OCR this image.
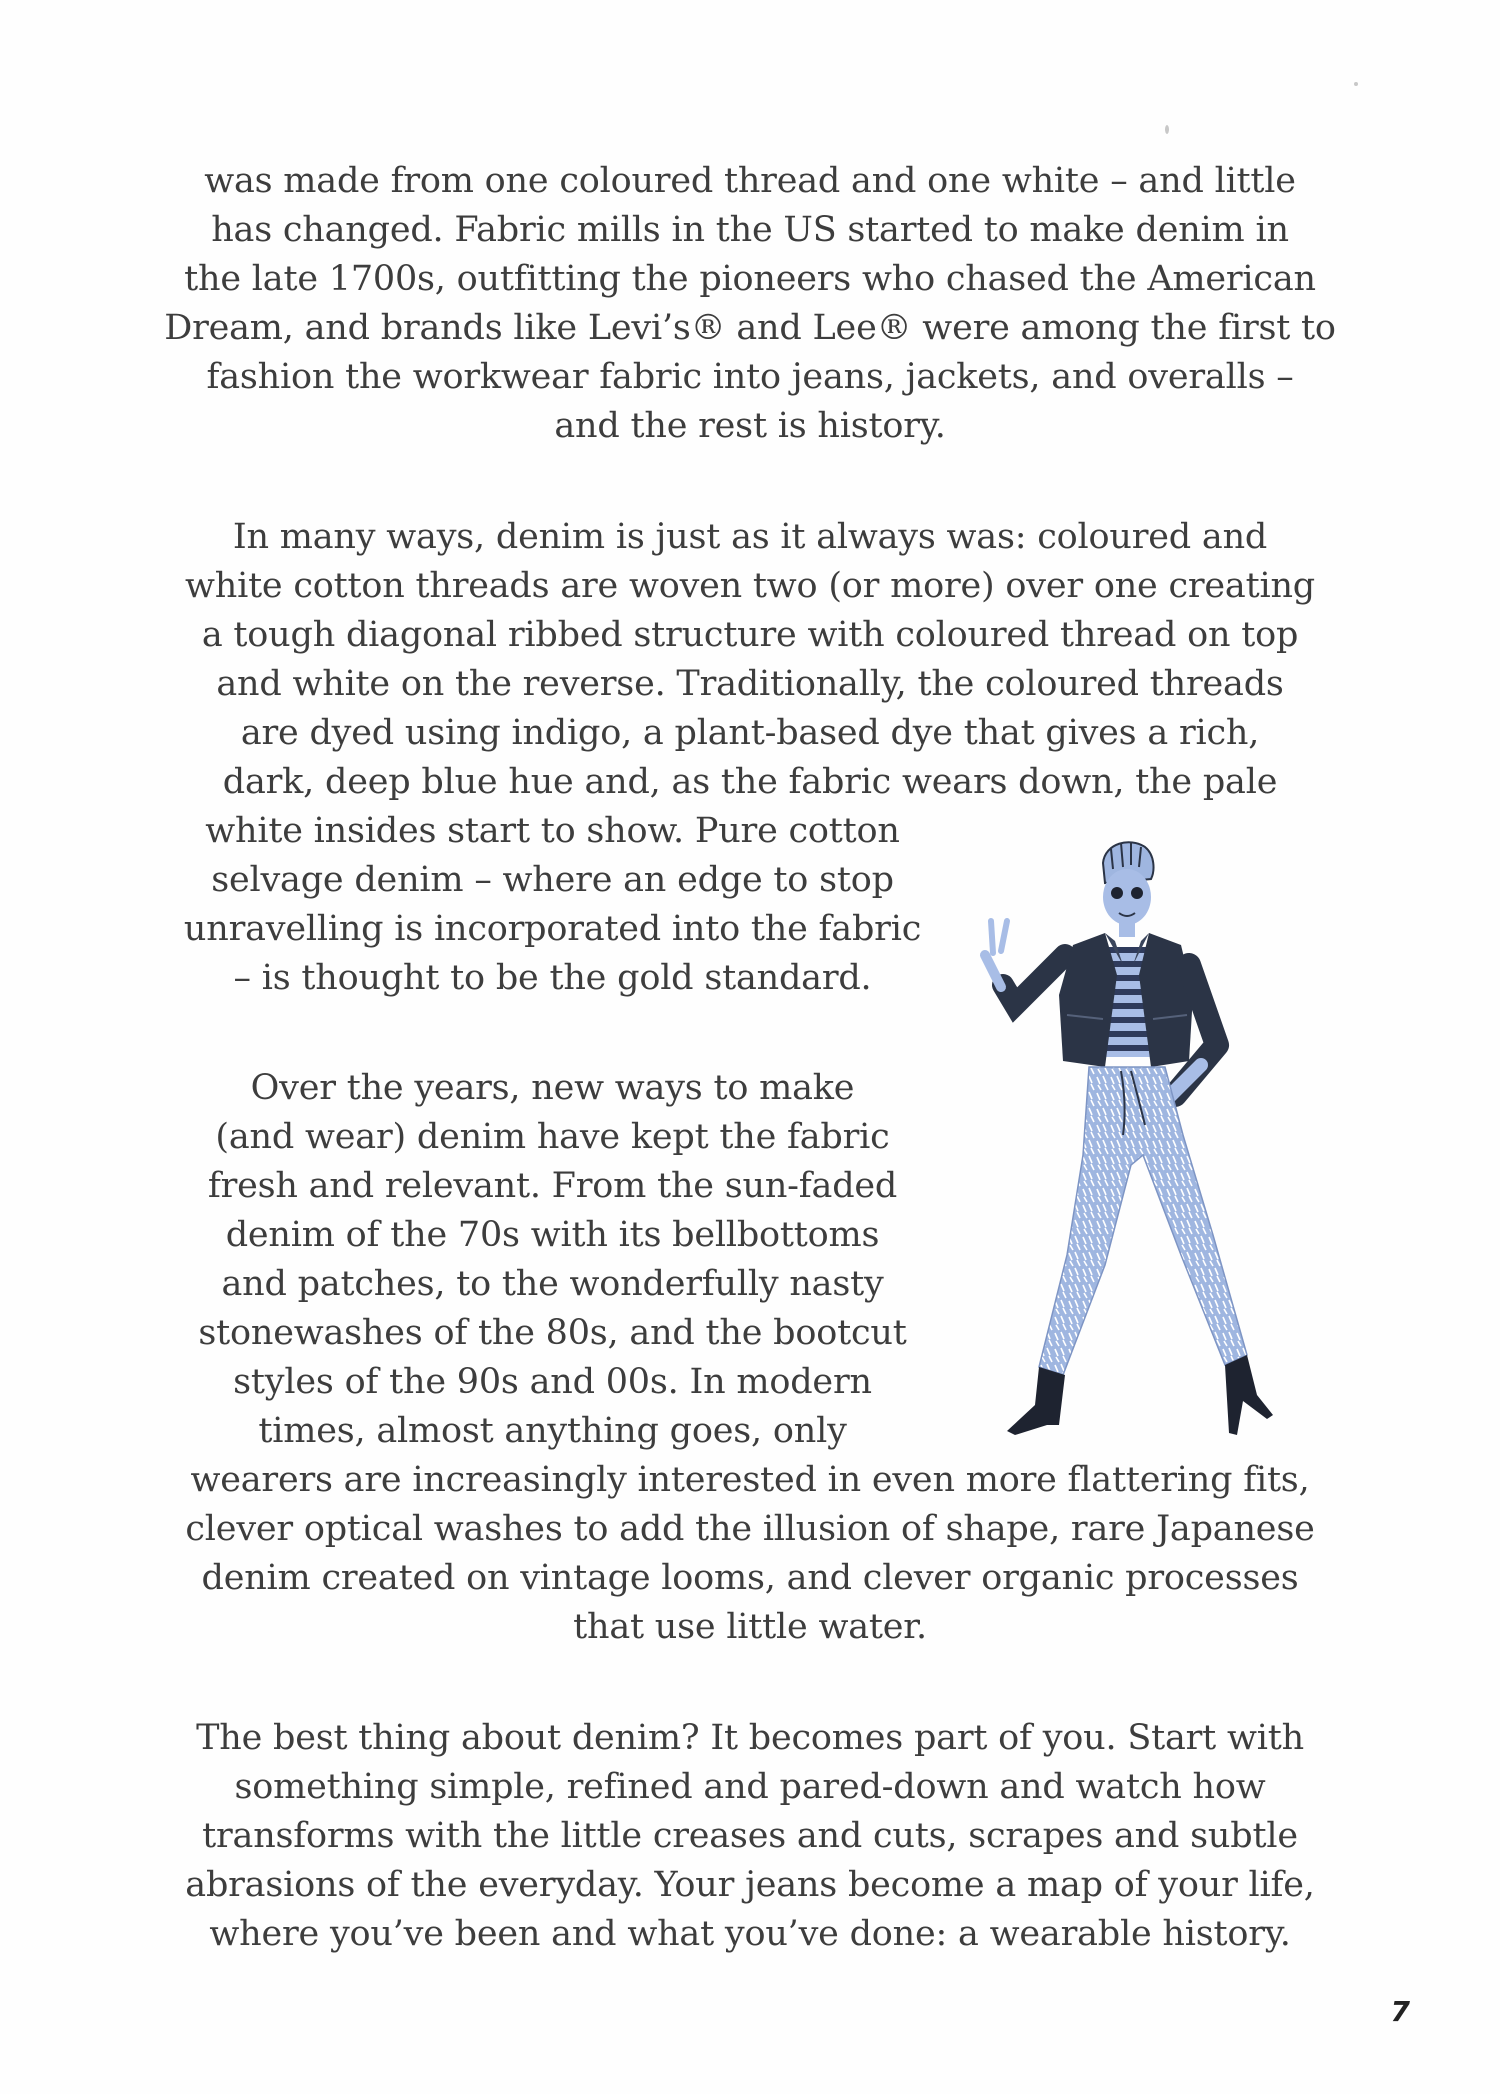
was made from one coloured thread and one white – and little
has changed. Fabric mills in the US started to make denim in
the late 1700s, outfitting the pioneers who chased the American
Dream, and brands like Levi’s® and Lee® were among the first to
fashion the workwear fabric into jeans, jackets, and overalls –
and the rest is history.
In many ways, denim is just as it always was: coloured and
white cotton threads are woven two (or more) over one creating
a tough diagonal ribbed structure with coloured thread on top
and white on the reverse. Traditionally, the coloured threads
are dyed using indigo, a plant-based dye that gives a rich,
dark, deep blue hue and, as the fabric wears down, the pale
white insides start to show. Pure cotton
selvage denim – where an edge to stop
unravelling is incorporated into the fabric
– is thought to be the gold standard.
Over the years, new ways to make
(and wear) denim have kept the fabric
fresh and relevant. From the sun-faded
denim of the 70s with its bellbottoms
and patches, to the wonderfully nasty
stonewashes of the 80s, and the bootcut
styles of the 90s and 00s. In modern
times, almost anything goes, only
wearers are increasingly interested in even more flattering fits,
clever optical washes to add the illusion of shape, rare Japanese
denim created on vintage looms, and clever organic processes
that use little water.
The best thing about denim? It becomes part of you. Start with
something simple, refined and pared-down and watch how
transforms with the little creases and cuts, scrapes and subtle
abrasions of the everyday. Your jeans become a map of your life,
where you’ve been and what you’ve done: a wearable history.
7
